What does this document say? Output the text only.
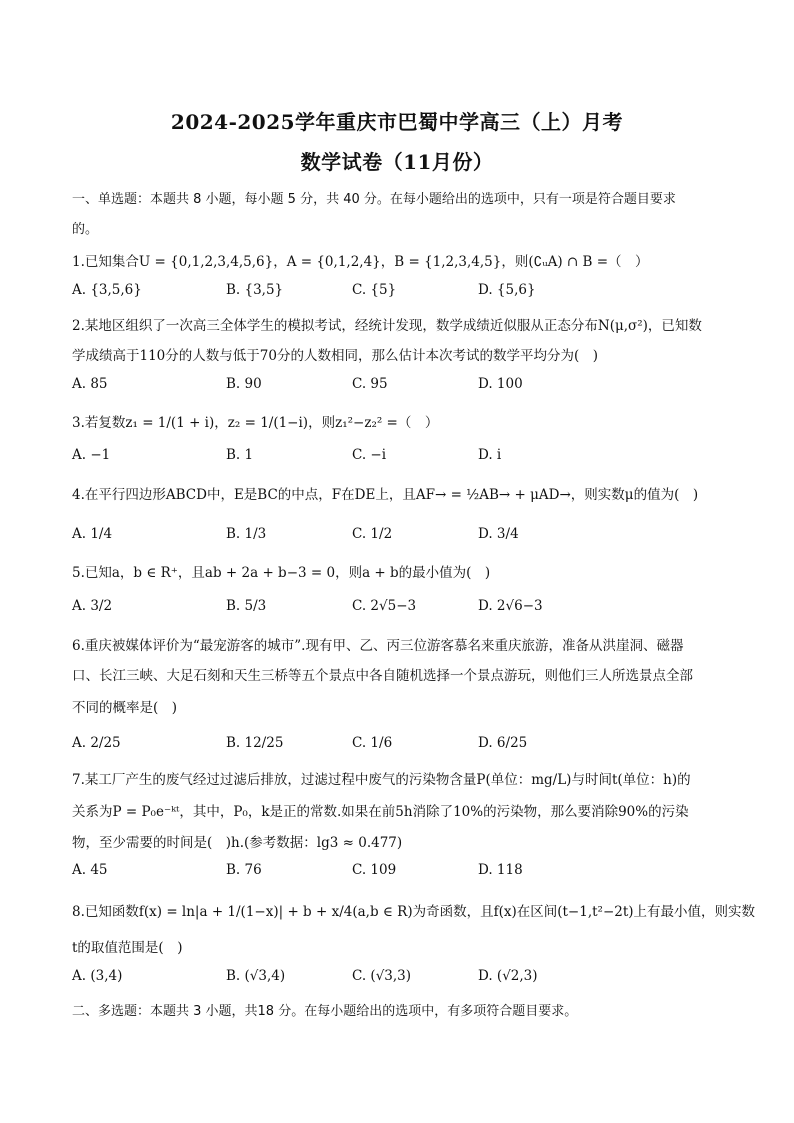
2024-2025学年重庆市巴蜀中学高三（上）月考
数学试卷（11月份）
一、单选题：本题共 8 小题，每小题 5 分，共 40 分。在每小题给出的选项中，只有一项是符合题目要求
的。
1.已知集合U = {0,1,2,3,4,5,6}，A = {0,1,2,4}，B = {1,2,3,4,5}，则(∁ᵤA) ∩ B =（　）
A. {3,5,6}	B. {3,5}	C. {5}	D. {5,6}
2.某地区组织了一次高三全体学生的模拟考试，经统计发现，数学成绩近似服从正态分布N(μ,σ²)，已知数
学成绩高于110分的人数与低于70分的人数相同，那么估计本次考试的数学平均分为(　)
A. 85	B. 90	C. 95	D. 100
3.若复数z₁ = 1/(1 + i)，z₂ = 1/(1−i)，则z₁²−z₂² =（　）
A. −1	B. 1	C. −i	D. i
4.在平行四边形ABCD中，E是BC的中点，F在DE上，且AF→ = ½AB→ + μAD→，则实数μ的值为(　)
A. 1/4	B. 1/3	C. 1/2	D. 3/4
5.已知a，b ∈ R⁺，且ab + 2a + b−3 = 0，则a + b的最小值为(　)
A. 3/2	B. 5/3	C. 2√5−3	D. 2√6−3
6.重庆被媒体评价为“最宠游客的城市”.现有甲、乙、丙三位游客慕名来重庆旅游，准备从洪崖洞、磁器
口、长江三峡、大足石刻和天生三桥等五个景点中各自随机选择一个景点游玩，则他们三人所选景点全部
不同的概率是(　)
A. 2/25	B. 12/25	C. 1/6	D. 6/25
7.某工厂产生的废气经过过滤后排放，过滤过程中废气的污染物含量P(单位：mg/L)与时间t(单位：h)的
关系为P = P₀e⁻ᵏᵗ，其中，P₀，k是正的常数.如果在前5h消除了10%的污染物，那么要消除90%的污染
物，至少需要的时间是(　)h.(参考数据：lg3 ≈ 0.477)
A. 45	B. 76	C. 109	D. 118
8.已知函数f(x) = ln|a + 1/(1−x)| + b + x/4(a,b ∈ R)为奇函数，且f(x)在区间(t−1,t²−2t)上有最小值，则实数
t的取值范围是(　)
A. (3,4)	B. (√3,4)	C. (√3,3)	D. (√2,3)
二、多选题：本题共 3 小题，共18 分。在每小题给出的选项中，有多项符合题目要求。
